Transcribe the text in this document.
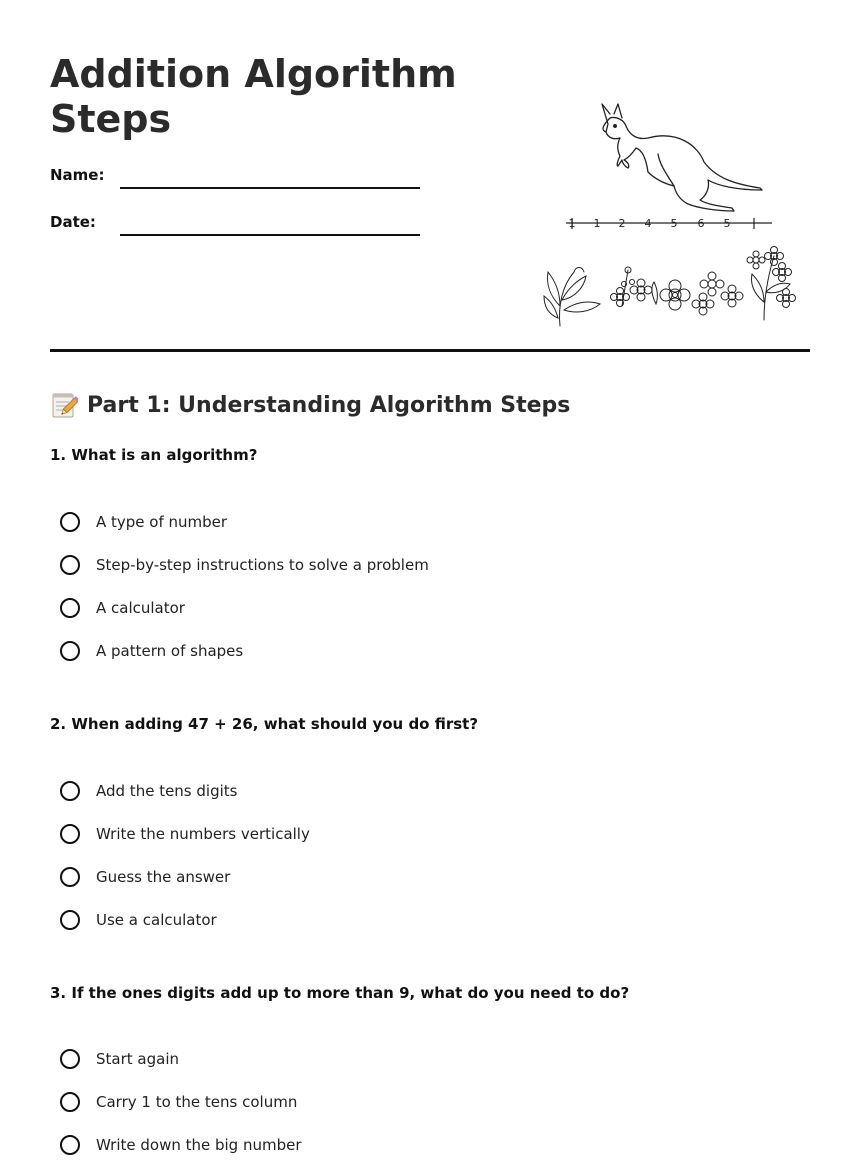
Addition Algorithm Steps
Name:
Date:	1 1 2 4 5 6 5
Part 1: Understanding Algorithm Steps
1. What is an algorithm?
A type of number
Step-by-step instructions to solve a problem
A calculator
A pattern of shapes
2. When adding 47 + 26, what should you do first?
Add the tens digits
Write the numbers vertically
Guess the answer
Use a calculator
3. If the ones digits add up to more than 9, what do you need to do?
Start again
Carry 1 to the tens column
Write down the big number
